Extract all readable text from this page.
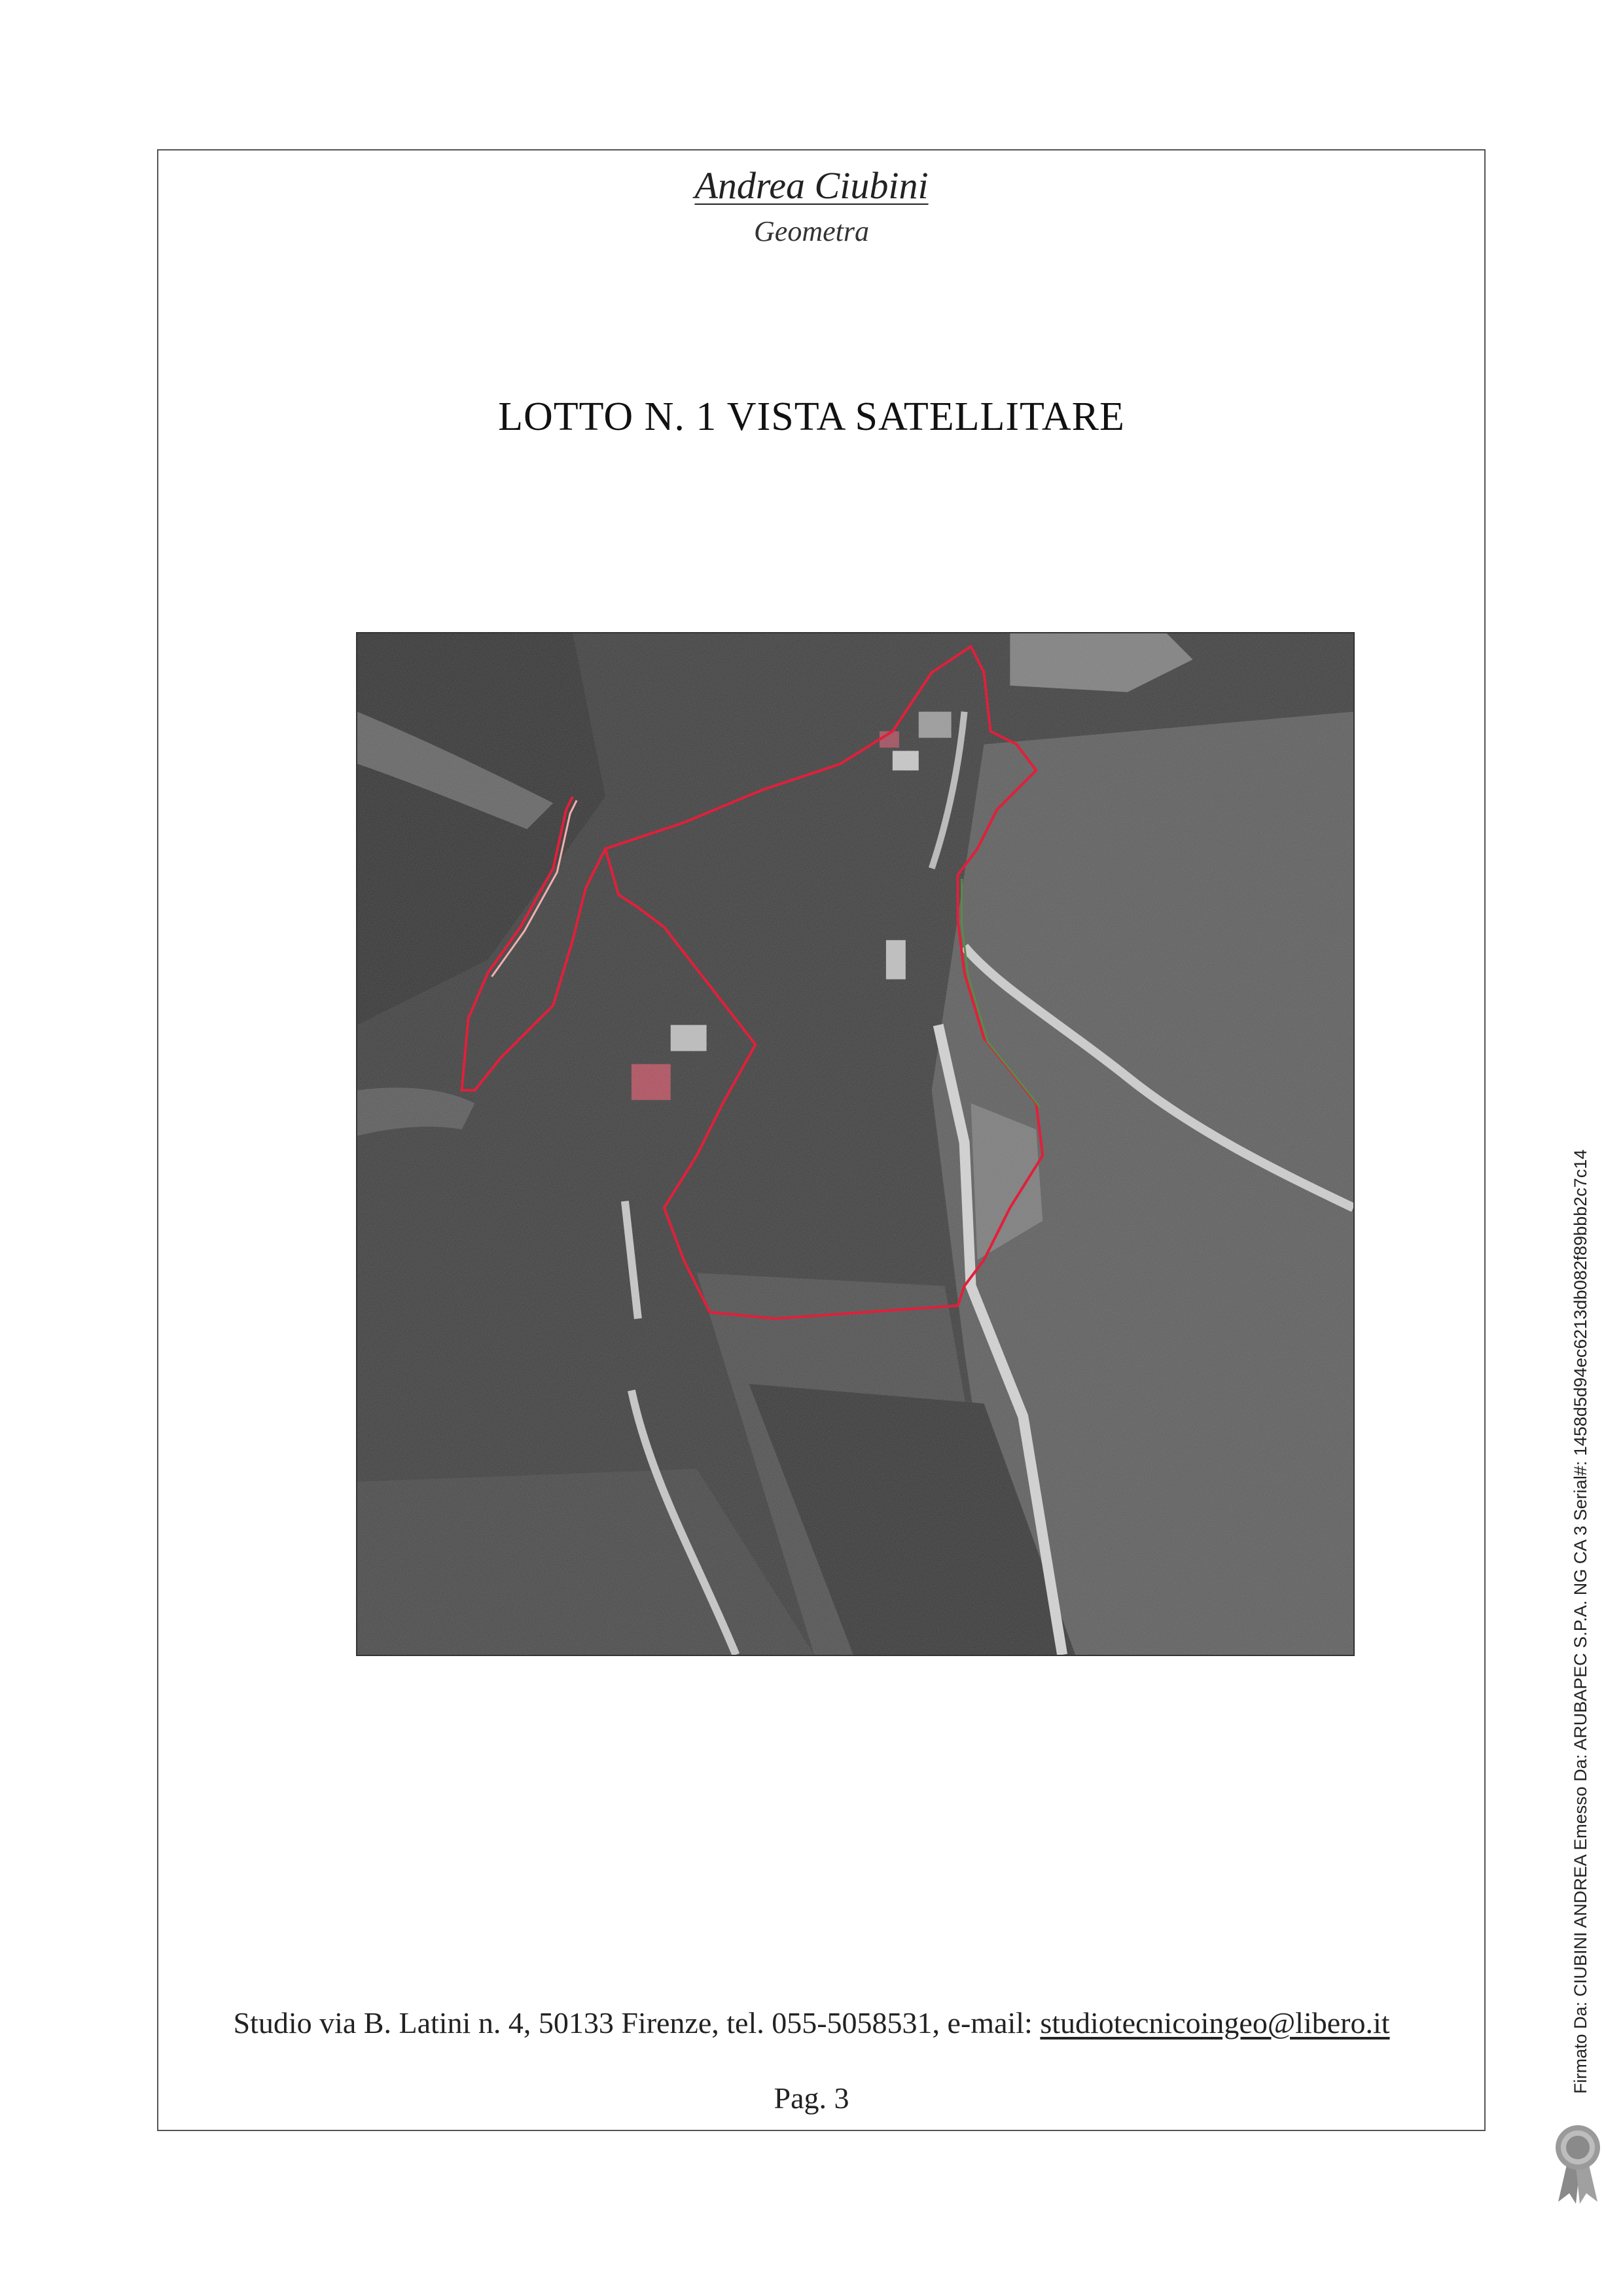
Andrea Ciubini
Geometra
LOTTO N. 1 VISTA SATELLITARE
Studio via B. Latini n. 4, 50133 Firenze, tel. 055-5058531, e-mail: studiotecnicoingeo@libero.it
Pag. 3
Firmato Da: CIUBINI ANDREA Emesso Da: ARUBAPEC S.P.A. NG CA 3 Serial#: 1458d5d94ec6213db082f89bbb2c7c14
